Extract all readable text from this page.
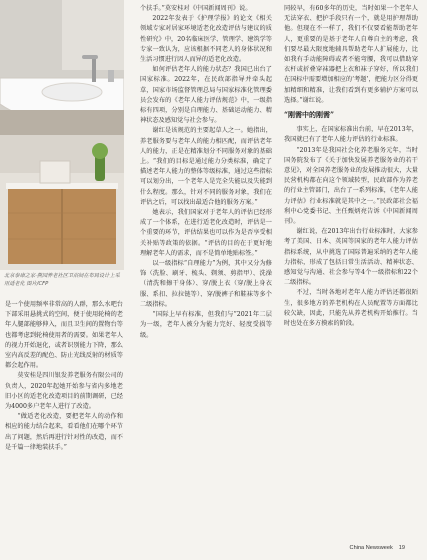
北京泰康之家·燕园养老社区卫浴间在布局设计上采用适老化 图片/CFP

是一个使用频率非常高的人群，那么水吧台下部采用悬挑式的空间，便于使用轮椅的老年人腿部能够伸入，而且卫生间的置物台等也都考虑到轮椅使用者的需要。如果老年人的视力开始退化，或者识别能力下降，那么室内高反差的配色、防止光线反射的材质等都会起作用。

莫安桂是四川银发养老服务有限公司的负责人，2020年起她开始参与省内多地老旧小区的适老化改造项目的前期调研，已经为4000多户老年人进行了改造。

“做适老化改造，要把老年人的动作和相应的能力结合起来，看看他们在哪个环节出了问题，然后再进行针对性的改造，而不是千篇一律地装扶手。”

个扶手。”莫安桂对《中国新闻周刊》说。

2022年发表于《护理学报》的论文《相关领域专家对居家环境适老化改造评估与建议的质性研究》中，20名临床医学、管理学、建筑学等专家一致认为，应该根据不同老人的身体状况和生活习惯进行因人而异的适老化改造。

如何评估老年人的能力状态？我国已出台了国家标准。2022年，在民政部指导并牵头起草，国家市场监督管理总局与国家标准化管理委员会发布的《老年人能力评估规范》中，一级指标有四项，分别是自理能力、基础运动能力、精神状态及感知觉与社会参与。

谢红是该规范的主要起草人之一。她指出，养老服务要与老年人的能力相匹配，而评估老年人的能力，正是在精准划分不同服务对象的基础上。“我们的目标是通过能力分类标准，确定了描述老年人能力的整体等级标准，通过这些指标可以划分出，一个老年人是完全失能以及失能到什么程度。那么，针对不同的服务对象，我们在评估之后，可以找出最适合他的服务方案。”

她表示，我们国家对于老年人的评估已经形成了一个体系，在进行适老化改造时，评估是一个重要的环节，评估结果也可以作为是否享受相关补贴等政策的依据。“评估的目的在于更好地理解老年人的需求，而不是简单地贴标签。”

以一级指标“自理能力”为例，其中又分为修饰（洗脸、刷牙、梳头、剃须、剪指甲）、洗澡（清洗和擦干身体）、穿/脱上衣（穿/脱上身衣服、系扣、拉拉链等）、穿/脱裤子和鞋袜等多个二级指标。

“国际上早有标准，但我们与”2021年二层为一级，老年人被分为能力完好、轻度受损等级。

同较早，有60多年的历史，当时如果一个老年人无法穿衣、把护手段只有一个，就是用护理帮助他。但现在不一样了，我们不仅要看能帮助老年人，更重要的是基于老年人自尊自主的考虑，我们要尽最大限度地辅具帮助老年人扩展能力，比如我有手动能障碍或者不能弯腰，我可以借助穿衣杆或折叠穿袜器把上衣和袜子穿好，所以我们在国标中需要增加相应的‘考题’，把能力区分得更加精细和精准，让我们看到有更多辅护方案可以选择。”谢红说。

“刚需中的刚需”

事实上，在国家标准出台前，早在2013年，我国就已有了老年人能力评估的行业标准。

“2013年是我国社会化养老服务元年，当时国务院发布了《关于加快发展养老服务业的若干意见》，对全国养老服务业的发展推动很大，大量民营机构都在向这个领域转型，民政部作为养老的行业主管部门，出台了一系列标准，《老年人能力评估》行业标准就是其中之一。”民政部社会福利中心党委书记、主任甄炳亮告诉《中国新闻周刊》。

谢红说，在2013年出台行业标准时，大家参考了美国、日本、英国等国家的老年人能力评估指标系统，从中挑选了国际普遍采纳的老年人能力指标，形成了包括日常生活活动、精神状态、感知觉与沟通、社会参与等4个一级指标和22个二级指标。

不过，当时各地对老年人能力评估还都很陌生，很多地方的养老机构在人员配置等方面都比较欠缺，因此，只能先从养老机构开始推行。当时也处在多方摸索的阶段。

China Newsweek 19
